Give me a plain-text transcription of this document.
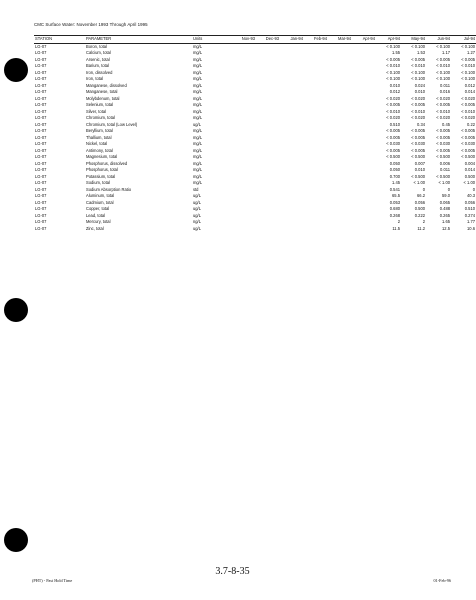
CMC Surface Water: November 1993 Through April 1995
STATION	PARAMETER	Units	Nov-93	Dec-93	Jan-94	Feb-94	Mar-94	Apr-94	Apr-94	May-94	Jun-94	Jul-94
LG-07	Boron, total	mg/L							< 0.100	< 0.100	< 0.100	< 0.100
LG-07	Calcium, total	mg/L							1.55	1.53	1.17	1.27
LG-07	Arsenic, total	mg/L							< 0.005	< 0.005	< 0.005	< 0.005
LG-07	Barium, total	mg/L							< 0.010	< 0.010	< 0.010	< 0.010
LG-07	Iron, dissolved	mg/L							< 0.100	< 0.100	< 0.100	< 0.100
LG-07	Iron, total	mg/L							< 0.100	< 0.100	< 0.100	< 0.100
LG-07	Manganese, dissolved	mg/L							0.010	0.024	0.011	0.012
LG-07	Manganese, total	mg/L							0.012	0.010	0.016	0.014
LG-07	Molybdenum, total	mg/L							< 0.020	< 0.020	< 0.020	< 0.020
LG-07	Selenium, total	mg/L							< 0.005	< 0.005	< 0.005	< 0.005
LG-07	Silver, total	mg/L							< 0.010	< 0.010	< 0.010	< 0.010
LG-07	Chromium, total	mg/L							< 0.020	< 0.020	< 0.020	< 0.020
LG-07	Chromium, total (Low Level)	ug/L							0.510	0.34	0.45	0.22
LG-07	Beryllium, total	mg/L							< 0.005	< 0.005	< 0.005	< 0.005
LG-07	Thallium, total	mg/L							< 0.005	< 0.005	< 0.005	< 0.005
LG-07	Nickel, total	mg/L							< 0.030	< 0.030	< 0.030	< 0.030
LG-07	Antimony, total	mg/L							< 0.005	< 0.005	< 0.005	< 0.005
LG-07	Magnesium, total	mg/L							< 0.500	< 0.500	< 0.500	< 0.500
LG-07	Phosphorus, dissolved	mg/L							0.050	0.007	0.006	0.004
LG-07	Phosphorus, total	mg/L							0.050	0.010	0.011	0.014
LG-07	Potassium, total	mg/L							0.700	< 0.500	< 0.500	0.500
LG-07	Sodium, total	mg/L							1.45	< 1.00	< 1.00	< 1.00
LG-07	Sodium Absorption Ratio	std							0.541	0	0	0
LG-07	Aluminum, total	ug/L							65.5	66.2	59.0	40.3
LG-07	Cadmium, total	ug/L							0.053	0.056	0.065	0.056
LG-07	Copper, total	ug/L							0.680	0.500	0.488	0.510
LG-07	Lead, total	ug/L							0.268	0.222	0.265	0.274
LG-07	Mercury, total	ng/L							2	2	1.65	1.77
LG-07	Zinc, total	ug/L							11.5	11.2	12.5	10.6
3.7-8-35
(PHT) - Past Hold Time	01-Feb-96
